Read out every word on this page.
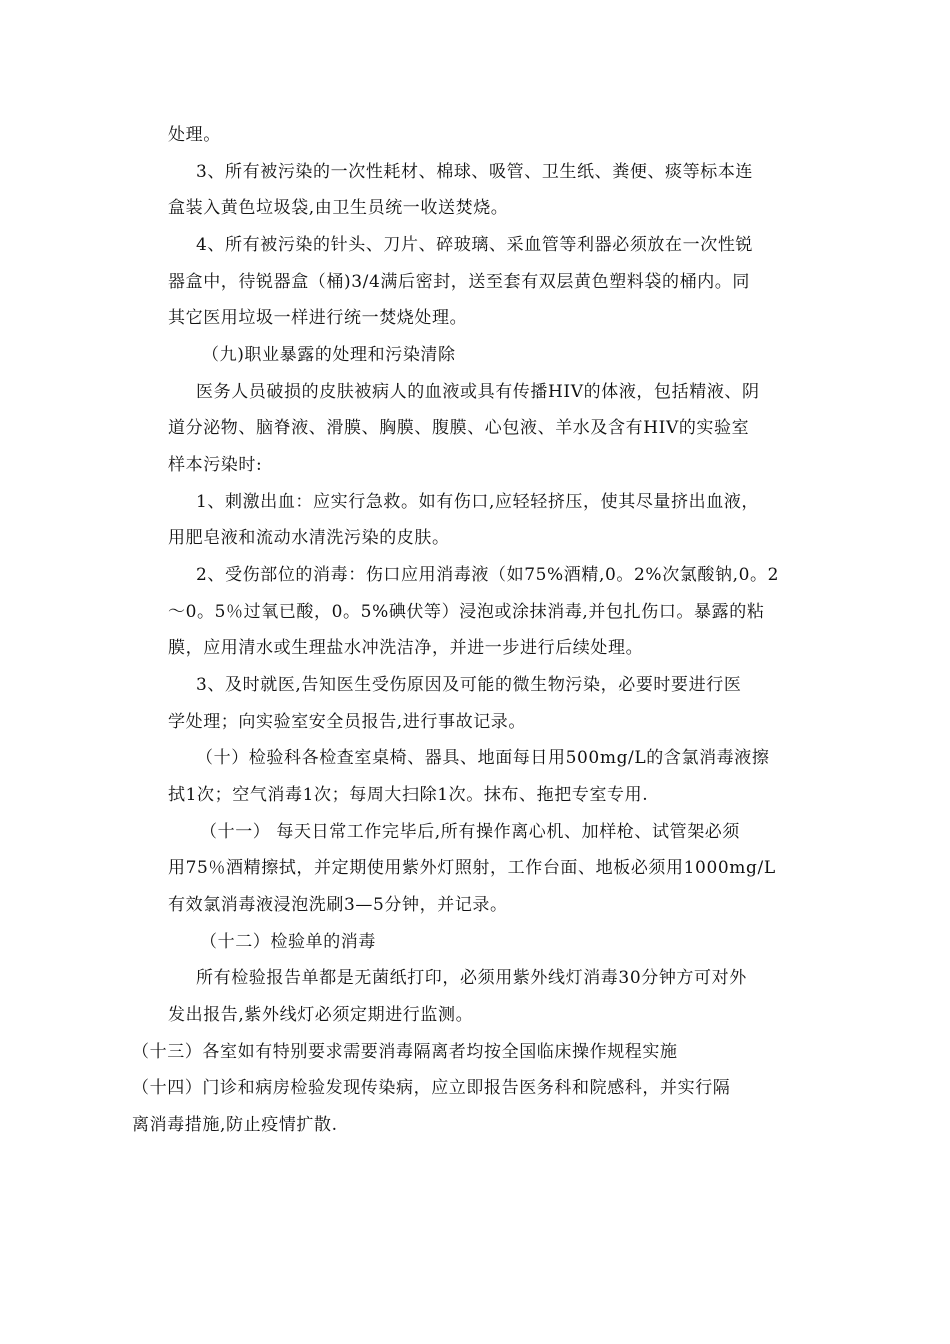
处理。
3、所有被污染的一次性耗材、棉球、吸管、卫生纸、粪便、痰等标本连
盒装入黄色垃圾袋,由卫生员统一收送焚烧。
4、所有被污染的针头、刀片、碎玻璃、采血管等利器必须放在一次性锐
器盒中，待锐器盒（桶)3/4满后密封，送至套有双层黄色塑料袋的桶内。同
其它医用垃圾一样进行统一焚烧处理。
（九)职业暴露的处理和污染清除
医务人员破损的皮肤被病人的血液或具有传播HIV的体液，包括精液、阴
道分泌物、脑脊液、滑膜、胸膜、腹膜、心包液、羊水及含有HIV的实验室
样本污染时:
1、刺激出血：应实行急救。如有伤口,应轻轻挤压，使其尽量挤出血液，
用肥皂液和流动水清洗污染的皮肤。
2、受伤部位的消毒：伤口应用消毒液（如75%酒精,0。2%次氯酸钠,0。2
～0。5％过氧已酸，0。5%碘伏等）浸泡或涂抹消毒,并包扎伤口。暴露的粘
膜，应用清水或生理盐水冲洗洁净，并进一步进行后续处理。
3、及时就医,告知医生受伤原因及可能的微生物污染，必要时要进行医
学处理；向实验室安全员报告,进行事故记录。
（十）检验科各检查室桌椅、器具、地面每日用500mg/L的含氯消毒液擦
拭1次；空气消毒1次；每周大扫除1次。抹布、拖把专室专用.
（十一） 每天日常工作完毕后,所有操作离心机、加样枪、试管架必须
用75％酒精擦拭，并定期使用紫外灯照射，工作台面、地板必须用1000mg/L
有效氯消毒液浸泡洗刷3—5分钟，并记录。
（十二）检验单的消毒
所有检验报告单都是无菌纸打印，必须用紫外线灯消毒30分钟方可对外
发出报告,紫外线灯必须定期进行监测。
（十三）各室如有特别要求需要消毒隔离者均按全国临床操作规程实施
（十四）门诊和病房检验发现传染病，应立即报告医务科和院感科，并实行隔
离消毒措施,防止疫情扩散.
